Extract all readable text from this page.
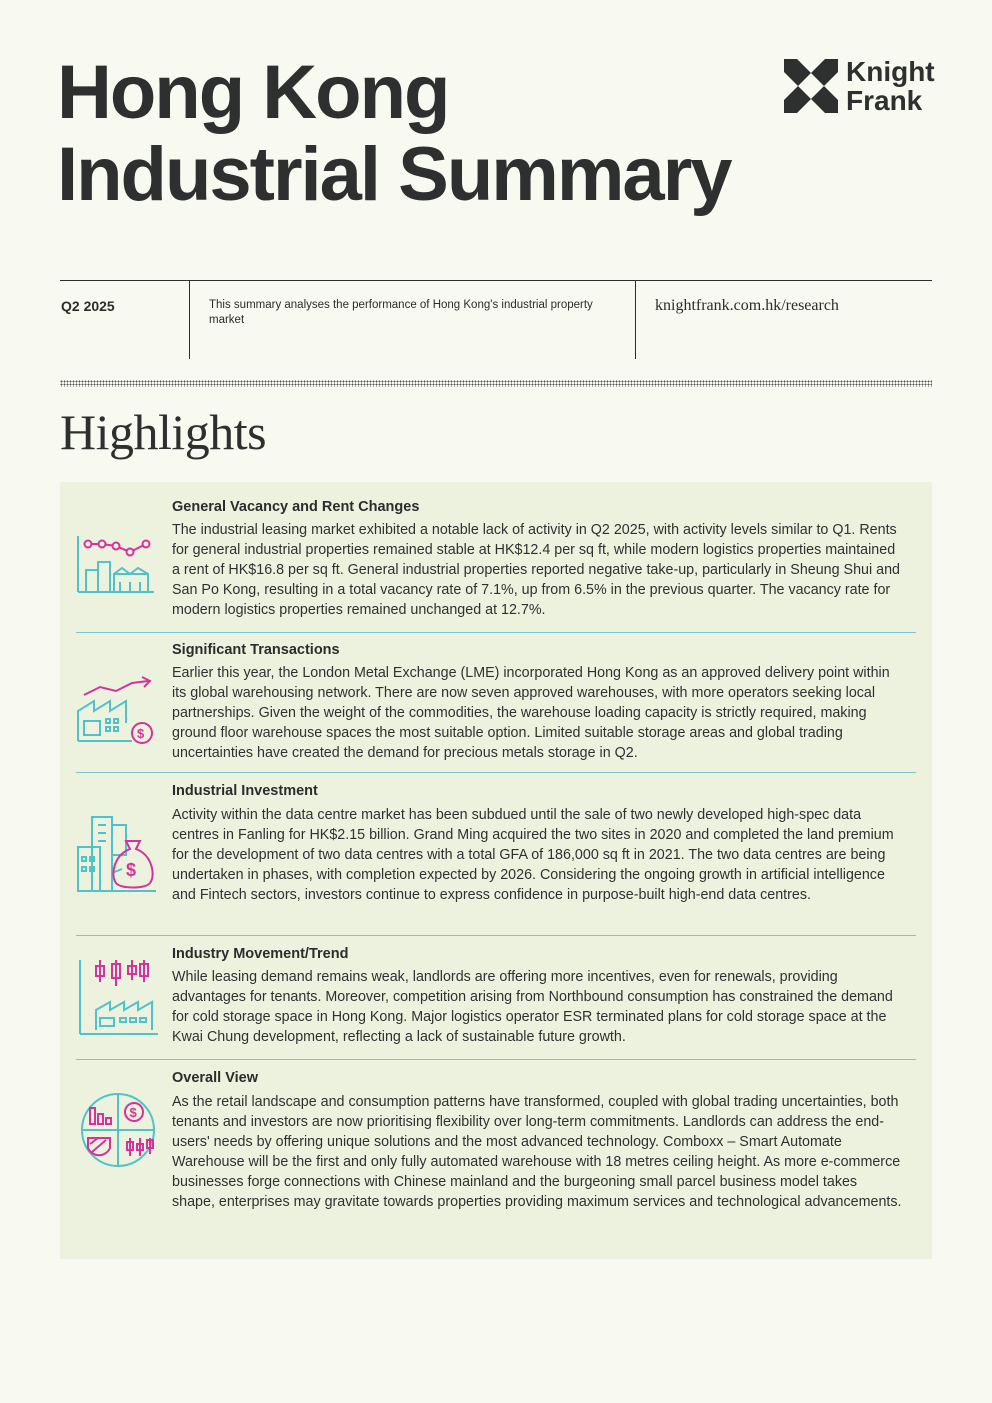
Hong Kong
Industrial Summary
Knight
Frank
Q2 2025	This summary analyses the performance of Hong Kong's industrial property market
knightfrank.com.hk/research
Highlights
General Vacancy and Rent Changes
The industrial leasing market exhibited a notable lack of activity in Q2 2025, with activity levels similar to Q1. Rents for general industrial properties remained stable at HK$12.4 per sq ft, while modern logistics properties maintained a rent of HK$16.8 per sq ft. General industrial properties reported negative take-up, particularly in Sheung Shui and San Po Kong, resulting in a total vacancy rate of 7.1%, up from 6.5% in the previous quarter. The vacancy rate for modern logistics properties remained unchanged at 12.7%.
$
Significant Transactions
Earlier this year, the London Metal Exchange (LME) incorporated Hong Kong as an approved delivery point within its global warehousing network. There are now seven approved warehouses, with more operators seeking local partnerships. Given the weight of the commodities, the warehouse loading capacity is strictly required, making ground floor warehouse spaces the most suitable option. Limited suitable storage areas and global trading uncertainties have created the demand for precious metals storage in Q2.
$
Industrial Investment
Activity within the data centre market has been subdued until the sale of two newly developed high-spec data centres in Fanling for HK$2.15 billion. Grand Ming acquired the two sites in 2020 and completed the land premium for the development of two data centres with a total GFA of 186,000 sq ft in 2021. The two data centres are being undertaken in phases, with completion expected by 2026. Considering the ongoing growth in artificial intelligence and Fintech sectors, investors continue to express confidence in purpose-built high-end data centres.
Industry Movement/Trend
While leasing demand remains weak, landlords are offering more incentives, even for renewals, providing advantages for tenants. Moreover, competition arising from Northbound consumption has constrained the demand for cold storage space in Hong Kong. Major logistics operator ESR terminated plans for cold storage space at the Kwai Chung development, reflecting a lack of sustainable future growth.
$
Overall View
As the retail landscape and consumption patterns have transformed, coupled with global trading uncertainties, both tenants and investors are now prioritising flexibility over long-term commitments. Landlords can address the end-users' needs by offering unique solutions and the most advanced technology. Comboxx – Smart Automate Warehouse will be the first and only fully automated warehouse with 18 metres ceiling height. As more e-commerce businesses forge connections with Chinese mainland and the burgeoning small parcel business model takes shape, enterprises may gravitate towards properties providing maximum services and technological advancements.
